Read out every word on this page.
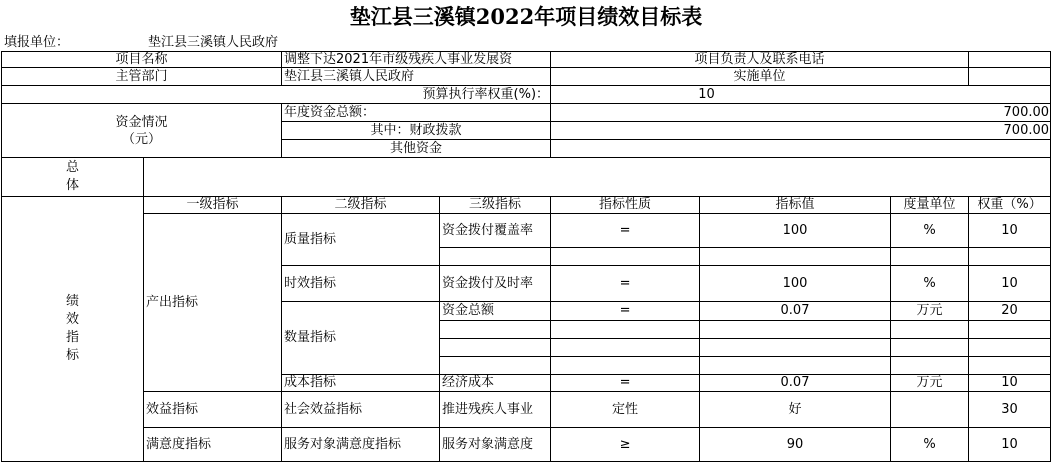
垫江县三溪镇2022年项目绩效目标表
填报单位：	垫江县三溪镇人民政府
项目名称		调整下达2021年市级残疾人事业发展资		项目负责人及联系电话				
主管部门		垫江县三溪镇人民政府		实施单位				
预算执行率权重(%)：				10				

资金情况
（元）		年度资金总额：		700.00				
		其中：财政拨款		700.00				
		其他资金						

总
体								

绩
效
指
标	一级指标	二级指标	三级指标	指标性质	指标值	度量单位	权重（%）	
	产出指标	质量指标	资金拨付覆盖率	=	100	%	10	

		时效指标	资金拨付及时率	=	100	%	10	
		数量指标	资金总额	=	0.07	万元	20	

		成本指标	经济成本	=	0.07	万元	10	
	效益指标	社会效益指标	推进残疾人事业	定性	好		30	
	满意度指标	服务对象满意度指标	服务对象满意度	≥	90	%	10	
